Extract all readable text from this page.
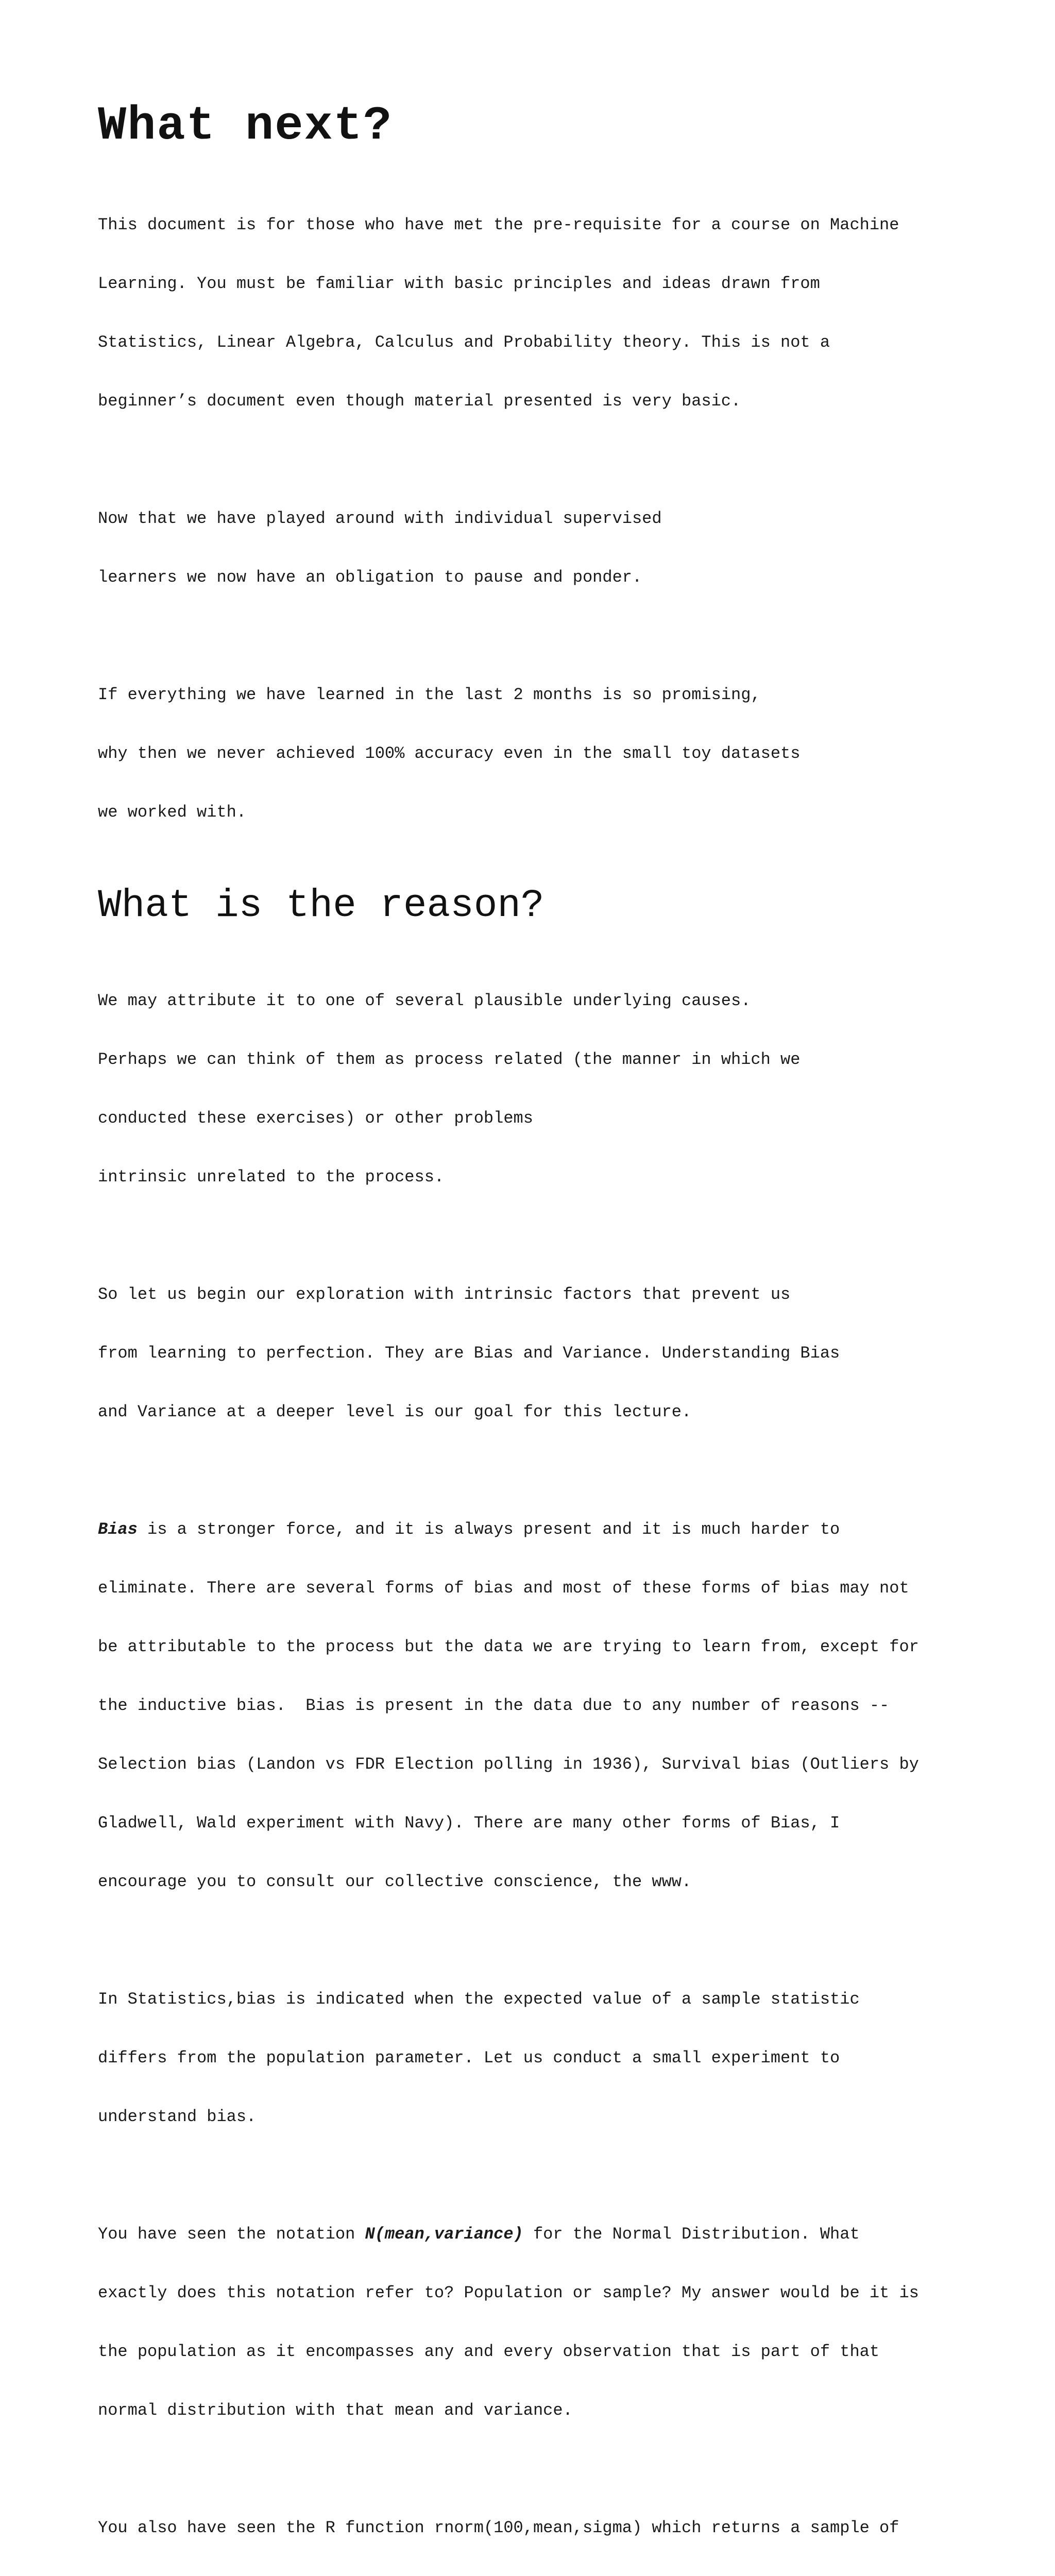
What next?

This document is for those who have met the pre-requisite for a course on Machine

Learning. You must be familiar with basic principles and ideas drawn from

Statistics, Linear Algebra, Calculus and Probability theory. This is not a

beginner’s document even though material presented is very basic.

Now that we have played around with individual supervised

learners we now have an obligation to pause and ponder.

If everything we have learned in the last 2 months is so promising,

why then we never achieved 100% accuracy even in the small toy datasets

we worked with.

What is the reason?

We may attribute it to one of several plausible underlying causes.

Perhaps we can think of them as process related (the manner in which we

conducted these exercises) or other problems

intrinsic unrelated to the process.

So let us begin our exploration with intrinsic factors that prevent us

from learning to perfection. They are Bias and Variance. Understanding Bias

and Variance at a deeper level is our goal for this lecture.

Bias is a stronger force, and it is always present and it is much harder to

eliminate. There are several forms of bias and most of these forms of bias may not

be attributable to the process but the data we are trying to learn from, except for

the inductive bias.  Bias is present in the data due to any number of reasons --

Selection bias (Landon vs FDR Election polling in 1936), Survival bias (Outliers by

Gladwell, Wald experiment with Navy). There are many other forms of Bias, I

encourage you to consult our collective conscience, the www.

In Statistics,bias is indicated when the expected value of a sample statistic

differs from the population parameter. Let us conduct a small experiment to

understand bias.

You have seen the notation N(mean,variance) for the Normal Distribution. What

exactly does this notation refer to? Population or sample? My answer would be it is

the population as it encompasses any and every observation that is part of that

normal distribution with that mean and variance.

You also have seen the R function rnorm(100,mean,sigma) which returns a sample of
